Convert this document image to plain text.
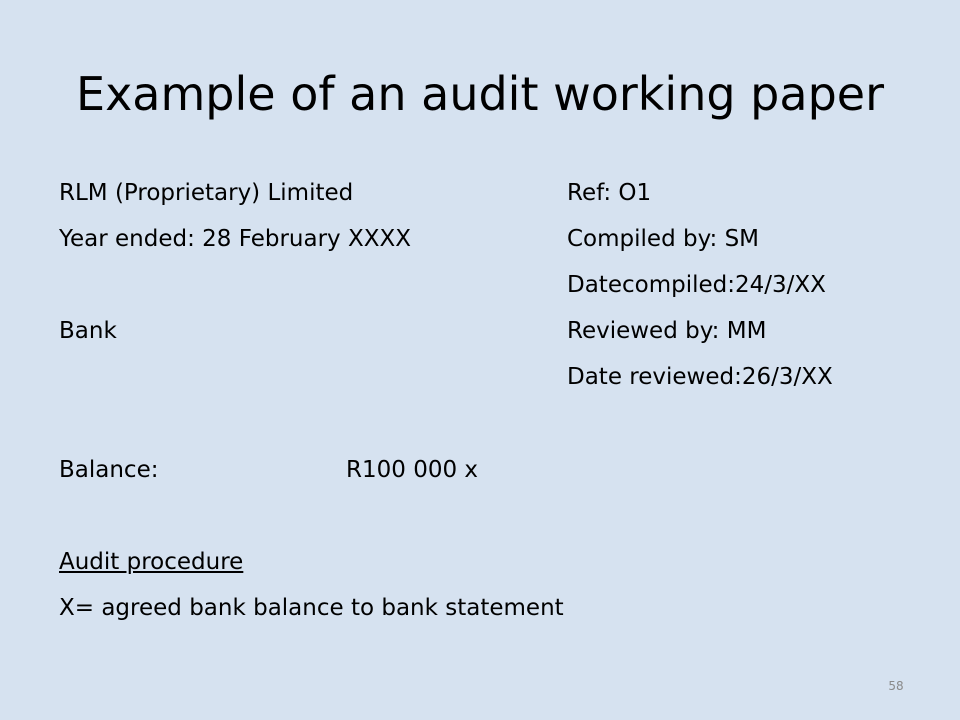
Example of an audit working paper
RLM (Proprietary) Limited
Year ended: 28 February XXXX
Bank
Ref: O1
Compiled by: SM
Datecompiled:24/3/XX
Reviewed by: MM
Date reviewed:26/3/XX
Balance:	R100 000 x
Audit procedure
X= agreed bank balance to bank statement
58
